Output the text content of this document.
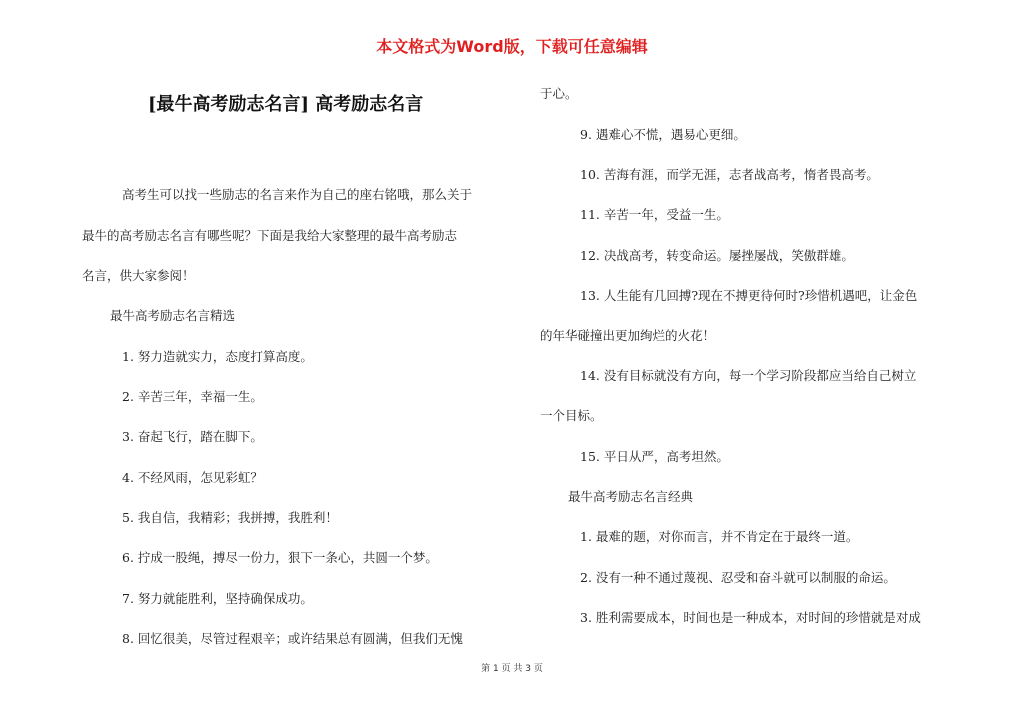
本文格式为Word版，下载可任意编辑
[最牛高考励志名言] 高考励志名言
高考生可以找一些励志的名言来作为自己的座右铭哦，那么关于
最牛的高考励志名言有哪些呢？下面是我给大家整理的最牛高考励志
名言，供大家参阅！
最牛高考励志名言精选
1. 努力造就实力，态度打算高度。
2. 辛苦三年，幸福一生。
3. 奋起飞行，踏在脚下。
4. 不经风雨，怎见彩虹？
5. 我自信，我精彩；我拼搏，我胜利！
6. 拧成一股绳，搏尽一份力，狠下一条心，共圆一个梦。
7. 努力就能胜利，坚持确保成功。
8. 回忆很美，尽管过程艰辛；或许结果总有圆满，但我们无愧
于心。
9. 遇难心不慌，遇易心更细。
10. 苦海有涯，而学无涯，志者战高考，惰者畏高考。
11. 辛苦一年，受益一生。
12. 决战高考，转变命运。屡挫屡战，笑傲群雄。
13. 人生能有几回搏?现在不搏更待何时?珍惜机遇吧，让金色
的年华碰撞出更加绚烂的火花！
14. 没有目标就没有方向，每一个学习阶段都应当给自己树立
一个目标。
15. 平日从严，高考坦然。
最牛高考励志名言经典
1. 最难的题，对你而言，并不肯定在于最终一道。
2. 没有一种不通过蔑视、忍受和奋斗就可以制服的命运。
3. 胜利需要成本，时间也是一种成本，对时间的珍惜就是对成
第 1 页 共 3 页
